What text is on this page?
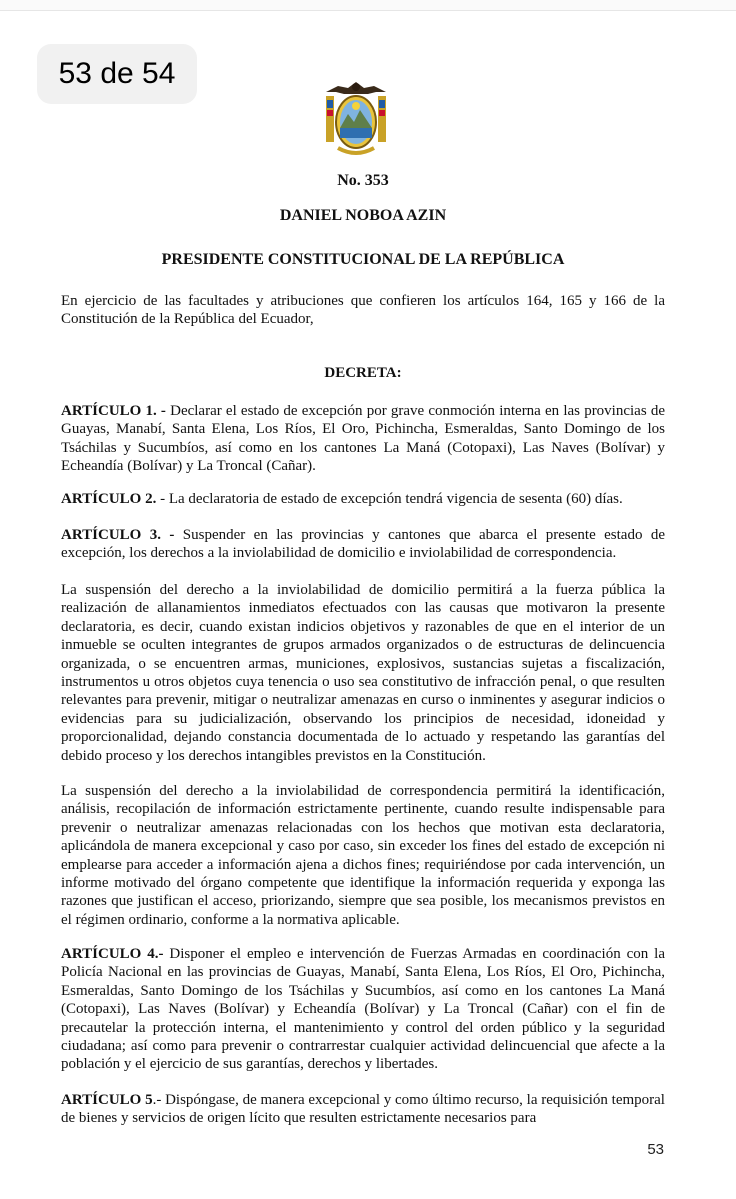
53 de 54
No. 353
DANIEL NOBOA AZIN
PRESIDENTE CONSTITUCIONAL DE LA REPÚBLICA

En ejercicio de las facultades y atribuciones que confieren los artículos 164, 165 y 166 de la Constitución de la República del Ecuador,

DECRETA:

ARTÍCULO 1. - Declarar el estado de excepción por grave conmoción interna en las provincias de Guayas, Manabí, Santa Elena, Los Ríos, El Oro, Pichincha, Esmeraldas, Santo Domingo de los Tsáchilas y Sucumbíos, así como en los cantones La Maná (Cotopaxi), Las Naves (Bolívar) y Echeandía (Bolívar) y La Troncal (Cañar).

ARTÍCULO 2. - La declaratoria de estado de excepción tendrá vigencia de sesenta (60) días.

ARTÍCULO 3. - Suspender en las provincias y cantones que abarca el presente estado de excepción, los derechos a la inviolabilidad de domicilio e inviolabilidad de correspondencia.

La suspensión del derecho a la inviolabilidad de domicilio permitirá a la fuerza pública la realización de allanamientos inmediatos efectuados con las causas que motivaron la presente declaratoria, es decir, cuando existan indicios objetivos y razonables de que en el interior de un inmueble se oculten integrantes de grupos armados organizados o de estructuras de delincuencia organizada, o se encuentren armas, municiones, explosivos, sustancias sujetas a fiscalización, instrumentos u otros objetos cuya tenencia o uso sea constitutivo de infracción penal, o que resulten relevantes para prevenir, mitigar o neutralizar amenazas en curso o inminentes y asegurar indicios o evidencias para su judicialización, observando los principios de necesidad, idoneidad y proporcionalidad, dejando constancia documentada de lo actuado y respetando las garantías del debido proceso y los derechos intangibles previstos en la Constitución.

La suspensión del derecho a la inviolabilidad de correspondencia permitirá la identificación, análisis, recopilación de información estrictamente pertinente, cuando resulte indispensable para prevenir o neutralizar amenazas relacionadas con los hechos que motivan esta declaratoria, aplicándola de manera excepcional y caso por caso, sin exceder los fines del estado de excepción ni emplearse para acceder a información ajena a dichos fines; requiriéndose por cada intervención, un informe motivado del órgano competente que identifique la información requerida y exponga las razones que justifican el acceso, priorizando, siempre que sea posible, los mecanismos previstos en el régimen ordinario, conforme a la normativa aplicable.

ARTÍCULO 4.- Disponer el empleo e intervención de Fuerzas Armadas en coordinación con la Policía Nacional en las provincias de Guayas, Manabí, Santa Elena, Los Ríos, El Oro, Pichincha, Esmeraldas, Santo Domingo de los Tsáchilas y Sucumbíos, así como en los cantones La Maná (Cotopaxi), Las Naves (Bolívar) y Echeandía (Bolívar) y La Troncal (Cañar) con el fin de precautelar la protección interna, el mantenimiento y control del orden público y la seguridad ciudadana; así como para prevenir o contrarrestar cualquier actividad delincuencial que afecte a la población y el ejercicio de sus garantías, derechos y libertades.

ARTÍCULO 5.- Dispóngase, de manera excepcional y como último recurso, la requisición temporal de bienes y servicios de origen lícito que resulten estrictamente necesarios para

53
